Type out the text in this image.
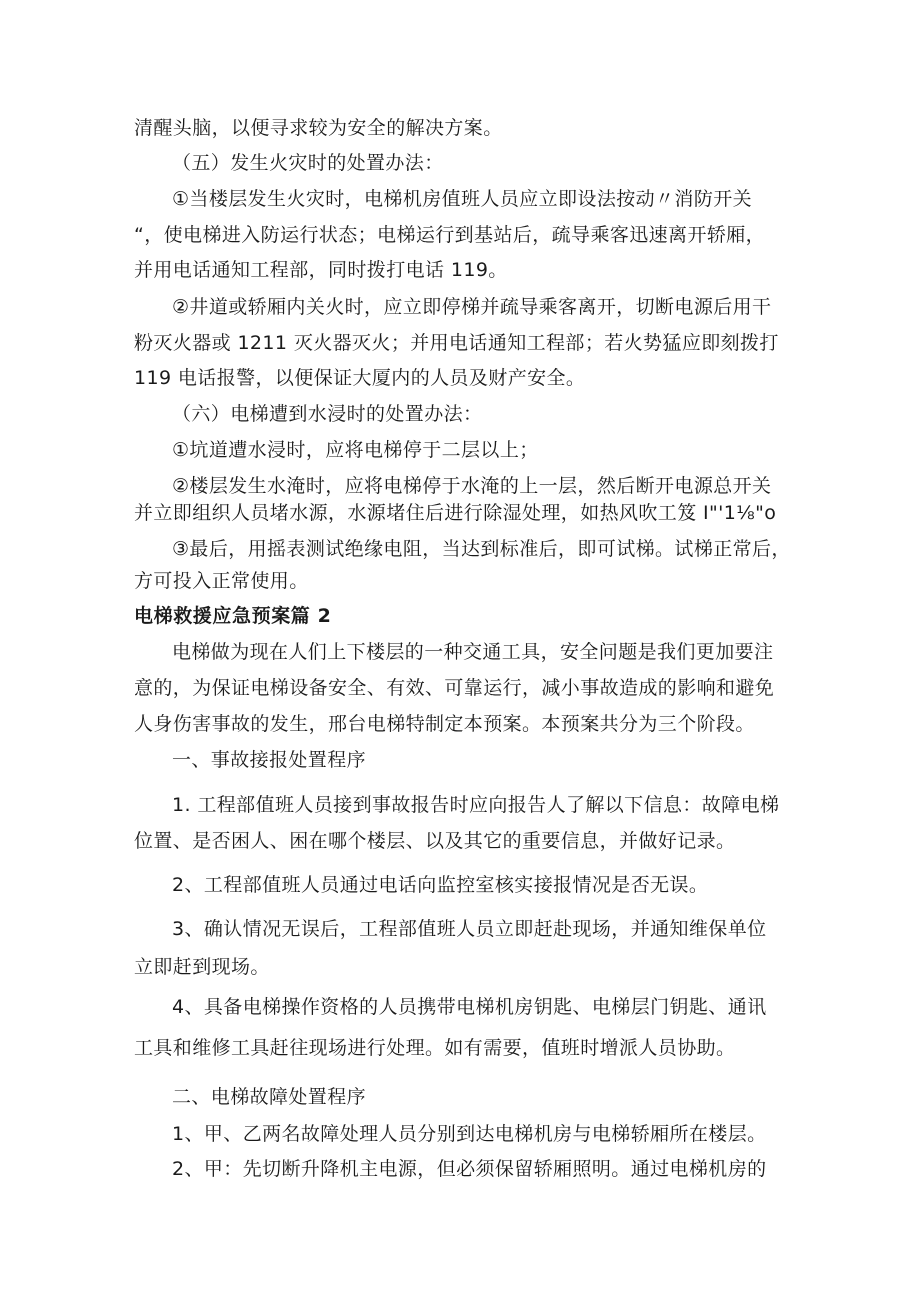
清醒头脑，以便寻求较为安全的解决方案。

（五）发生火灾时的处置办法：

①当楼层发生火灾时，电梯机房值班人员应立即设法按动〃消防开关

“，使电梯进入防运行状态；电梯运行到基站后，疏导乘客迅速离开轿厢，

并用电话通知工程部，同时拨打电话 119。

②井道或轿厢内关火时，应立即停梯并疏导乘客离开，切断电源后用干

粉灭火器或 1211 灭火器灭火；并用电话通知工程部；若火势猛应即刻拨打

119 电话报警，以便保证大厦内的人员及财产安全。

（六）电梯遭到水浸时的处置办法：

①坑道遭水浸时，应将电梯停于二层以上；

②楼层发生水淹时，应将电梯停于水淹的上一层，然后断开电源总开关

并立即组织人员堵水源，水源堵住后进行除湿处理，如热风吹工笈 I"'1⅛"o

③最后，用摇表测试绝缘电阻，当达到标准后，即可试梯。试梯正常后，

方可投入正常使用。

电梯救援应急预案篇 2

电梯做为现在人们上下楼层的一种交通工具，安全问题是我们更加要注

意的，为保证电梯设备安全、有效、可靠运行，减小事故造成的影响和避免

人身伤害事故的发生，邢台电梯特制定本预案。本预案共分为三个阶段。

一、事故接报处置程序

1. 工程部值班人员接到事故报告时应向报告人了解以下信息：故障电梯

位置、是否困人、困在哪个楼层、以及其它的重要信息，并做好记录。

2、工程部值班人员通过电话向监控室核实接报情况是否无误。

3、确认情况无误后，工程部值班人员立即赶赴现场，并通知维保单位

立即赶到现场。

4、具备电梯操作资格的人员携带电梯机房钥匙、电梯层门钥匙、通讯

工具和维修工具赶往现场进行处理。如有需要，值班时增派人员协助。

二、电梯故障处置程序

1、甲、乙两名故障处理人员分别到达电梯机房与电梯轿厢所在楼层。

2、甲：先切断升降机主电源，但必须保留轿厢照明。通过电梯机房的
